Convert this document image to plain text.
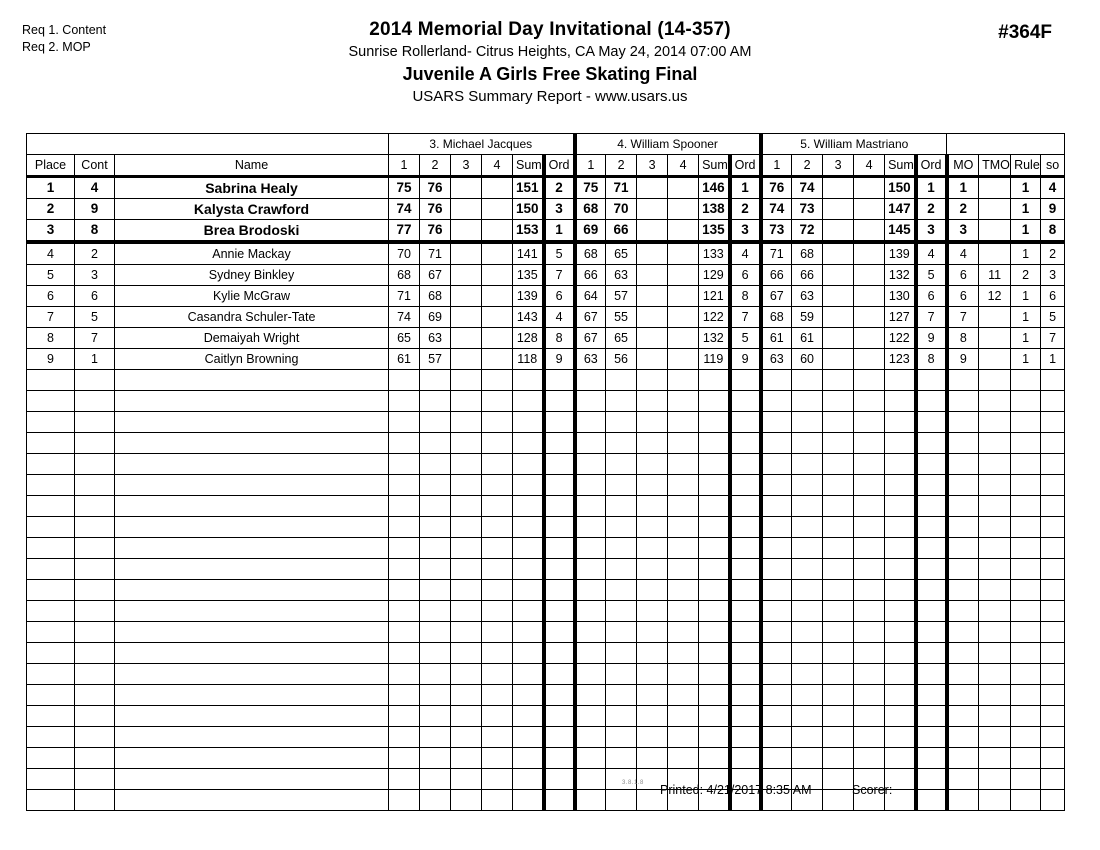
Req 1. Content
Req 2. MOP
2014 Memorial Day Invitational (14-357)
Sunrise Rollerland- Citrus Heights, CA May 24, 2014 07:00 AM
Juvenile A Girls Free Skating Final
USARS Summary Report - www.usars.us
#364F
			3. Michael Jacques						4. William Spooner						5. William Mastriano									
Place	Cont	Name	1	2	3	4	Sum	Ord	1	2	3	4	Sum	Ord	1	2	3	4	Sum	Ord	MO	TMO	Rule	so
1	4	Sabrina Healy	75	76			151	2	75	71			146	1	76	74			150	1	1		1	4
2	9	Kalysta Crawford	74	76			150	3	68	70			138	2	74	73			147	2	2		1	9
3	8	Brea Brodoski	77	76			153	1	69	66			135	3	73	72			145	3	3		1	8
4	2	Annie Mackay	70	71			141	5	68	65			133	4	71	68			139	4	4		1	2
5	3	Sydney Binkley	68	67			135	7	66	63			129	6	66	66			132	5	6	11	2	3
6	6	Kylie McGraw	71	68			139	6	64	57			121	8	67	63			130	6	6	12	1	6
7	5	Casandra Schuler-Tate	74	69			143	4	67	55			122	7	68	59			127	7	7		1	5
8	7	Demaiyah Wright	65	63			128	8	67	65			132	5	61	61			122	9	8		1	7
9	1	Caitlyn Browning	61	57			118	9	63	56			119	9	63	60			123	8	9		1	1

3.8.1.8 Printed: 4/21/2017 8:35 AM	Scorer:
